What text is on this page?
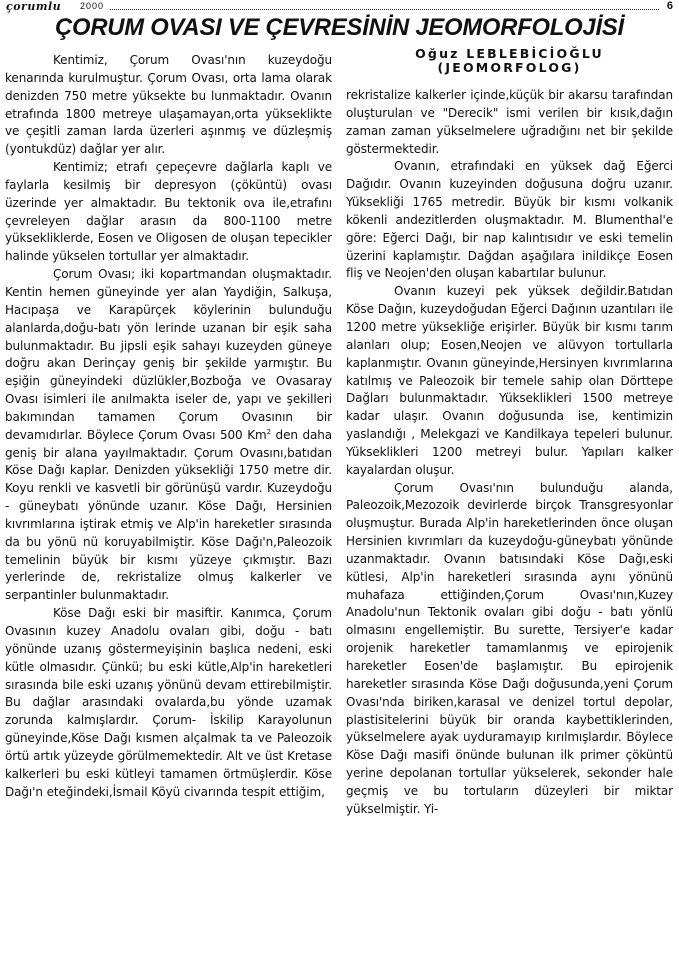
çorumlu 2000	6
ÇORUM OVASI VE ÇEVRESİNİN JEOMORFOLOJİSİ

Kentimiz, Çorum Ovası'nın kuzeydoğu kenarında kurulmuştur. Çorum Ovası, orta lama olarak denizden 750 metre yüksekte bu lunmaktadır. Ovanın etrafında 1800 metreye ulaşamayan,orta yükseklikte ve çeşitli zaman larda üzerleri aşınmış ve düzleşmiş (yontukdüz) dağlar yer alır.

Kentimiz; etrafı çepeçevre dağlarla kaplı ve faylarla kesilmiş bir depresyon (çöküntü) ovası üzerinde yer almaktadır. Bu tektonik ova ile,etrafını çevreleyen dağlar arasın da 800-1100 metre yüksekliklerde, Eosen ve Oligosen de oluşan tepecikler halinde yükselen tortullar yer almaktadır.

Çorum Ovası; iki kopartmandan oluşmaktadır. Kentin hemen güneyinde yer alan Yaydiğin, Salkuşa, Hacıpaşa ve Karapürçek köylerinin bulunduğu alanlarda,doğu-batı yön lerinde uzanan bir eşik saha bulunmaktadır. Bu jipsli eşik sahayı kuzeyden güneye doğru akan Derinçay geniş bir şekilde yarmıştır. Bu eşiğin güneyindeki düzlükler,Bozboğa ve Ovasaray Ovası isimleri ile anılmakta iseler de, yapı ve şekilleri bakımından tamamen Çorum Ovasının bir devamıdırlar. Böylece Çorum Ovası 500 Km$^2$ den daha geniş bir alana yayılmaktadır. Çorum Ovasını,batıdan Köse Dağı kaplar. Denizden yüksekliği 1750 metre dir. Koyu renkli ve kasvetli bir görünüşü vardır. Kuzeydoğu - güneybatı yönünde uzanır. Köse Dağı, Hersinien kıvrımlarına iştirak etmiş ve Alp'in hareketler sırasında da bu yönü nü koruyabilmiştir. Köse Dağı'n,Paleozoik temelinin büyük bir kısmı yüzeye çıkmıştır. Bazı yerlerinde de, rekristalize olmuş kalkerler ve serpantinler bulunmaktadır.

Köse Dağı eski bir masiftir. Kanımca, Çorum Ovasının kuzey Anadolu ovaları gibi, doğu - batı yönünde uzanış göstermeyişinin başlıca nedeni, eski kütle olmasıdır. Çünkü; bu eski kütle,Alp'in hareketleri sırasında bile eski uzanış yönünü devam ettirebilmiştir. Bu dağlar arasındaki ovalarda,bu yönde uzamak zorunda kalmışlardır. Çorum- İskilip Karayolunun güneyinde,Köse Dağı kısmen alçalmak ta ve Paleozoik örtü artık yüzeyde görülmemektedir. Alt ve üst Kretase kalkerleri bu eski kütleyi tamamen örtmüşlerdir. Köse Dağı'n eteğindeki,İsmail Köyü civarında tespit ettiğim,

Oğuz LEBLEBİCİOĞLU
(JEOMORFOLOG)

rekristalize kalkerler içinde,küçük bir akarsu tarafından oluşturulan ve "Derecik" ismi verilen bir kısık,dağın zaman zaman yükselmelere uğradığını net bir şekilde göstermektedir.

Ovanın, etrafındaki en yüksek dağ Eğerci Dağıdır. Ovanın kuzeyinden doğusuna doğru uzanır. Yüksekliği 1765 metredir. Büyük bir kısmı volkanik kökenli andezitlerden oluşmaktadır. M. Blumenthal'e göre: Eğerci Dağı, bir nap kalıntısıdır ve eski temelin üzerini kaplamıştır. Dağdan aşağılara inildikçe Eosen fliş ve Neojen'den oluşan kabartılar bulunur.

Ovanın kuzeyi pek yüksek değildir.Batıdan Köse Dağın, kuzeydoğudan Eğerci Dağının uzantıları ile 1200 metre yüksekliğe erişirler. Büyük bir kısmı tarım alanları olup; Eosen,Neojen ve alüvyon tortullarla kaplanmıştır. Ovanın güneyinde,Hersinyen kıvrımlarına katılmış ve Paleozoik bir temele sahip olan Dörttepe Dağları bulunmaktadır. Yükseklikleri 1500 metreye kadar ulaşır. Ovanın doğusunda ise, kentimizin yaslandığı , Melekgazi ve Kandilkaya tepeleri bulunur. Yükseklikleri 1200 metreyi bulur. Yapıları kalker kayalardan oluşur.

Çorum Ovası'nın bulunduğu alanda, Paleozoik,Mezozoik devirlerde birçok Transgresyonlar oluşmuştur. Burada Alp'in hareketlerinden önce oluşan Hersinien kıvrımları da kuzeydoğu-güneybatı yönünde uzanmaktadır. Ovanın batısındaki Köse Dağı,eski kütlesi, Alp'in hareketleri sırasında aynı yönünü muhafaza ettiğinden,Çorum Ovası'nın,Kuzey Anadolu'nun Tektonik ovaları gibi doğu - batı yönlü olmasını engellemiştir. Bu surette, Tersiyer'e kadar orojenik hareketler tamamlanmış ve epirojenik hareketler Eosen'de başlamıştır. Bu epirojenik hareketler sırasında Köse Dağı doğusunda,yeni Çorum Ovası'nda biriken,karasal ve denizel tortul depolar, plastisitelerini büyük bir oranda kaybettiklerinden, yükselmelere ayak uyduramayıp kırılmışlardır. Böylece Köse Dağı masifi önünde bulunan ilk primer çöküntü yerine depolanan tortullar yükselerek, sekonder hale geçmiş ve bu tortuların düzeyleri bir miktar yükselmiştir. Yi-
